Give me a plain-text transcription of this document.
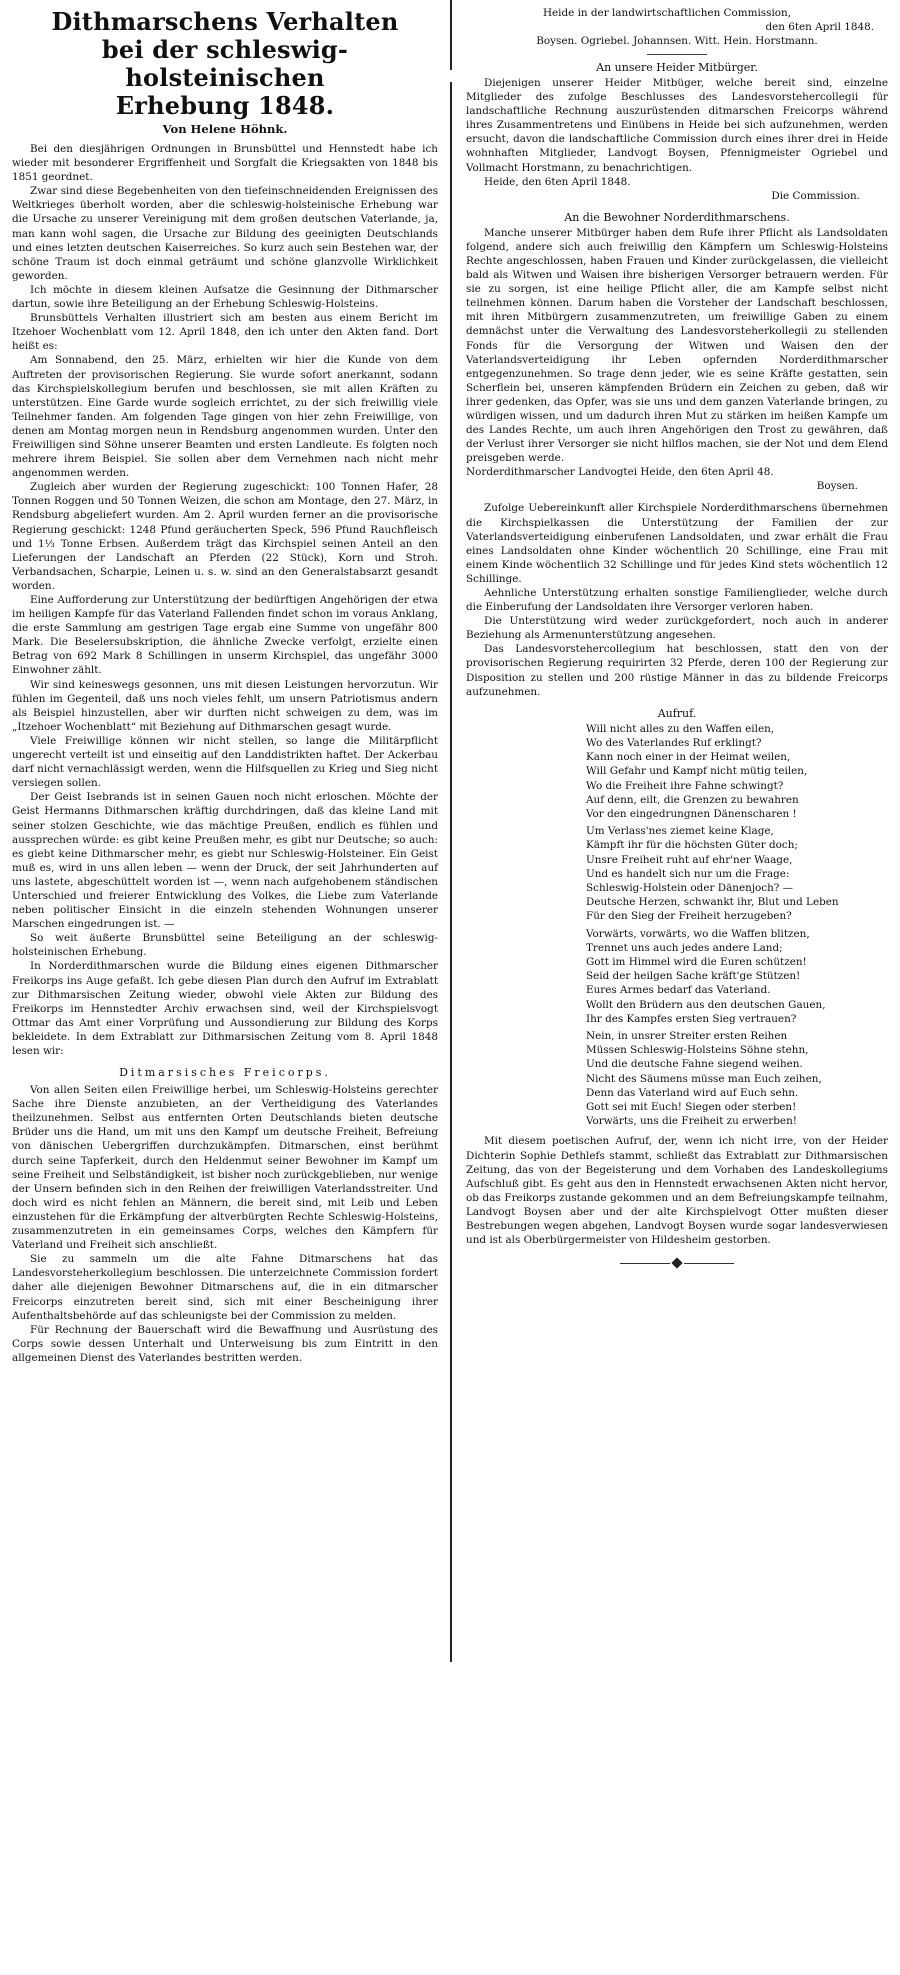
Dithmarschens Verhalten
bei der schleswig-holsteinischen
Erhebung 1848.
Von Helene Höhnk.

Bei den diesjährigen Ordnungen in Brunsbüttel und Hennstedt habe ich wieder mit besonderer Ergriffenheit und Sorgfalt die Kriegsakten von 1848 bis 1851 geordnet.

Zwar sind diese Begebenheiten von den tiefeinschneidenden Ereignissen des Weltkrieges überholt worden, aber die schleswig-holsteinische Erhebung war die Ursache zu unserer Vereinigung mit dem großen deutschen Vaterlande, ja, man kann wohl sagen, die Ursache zur Bildung des geeinigten Deutschlands und eines letzten deutschen Kaiserreiches. So kurz auch sein Bestehen war, der schöne Traum ist doch einmal geträumt und schöne glanzvolle Wirklichkeit geworden.

Ich möchte in diesem kleinen Aufsatze die Gesinnung der Dithmarscher dartun, sowie ihre Beteiligung an der Erhebung Schleswig-Holsteins.

Brunsbüttels Verhalten illustriert sich am besten aus einem Bericht im Itzehoer Wochenblatt vom 12. April 1848, den ich unter den Akten fand. Dort heißt es:

Am Sonnabend, den 25. März, erhielten wir hier die Kunde von dem Auftreten der provisorischen Regierung. Sie wurde sofort anerkannt, sodann das Kirchspielskollegium berufen und beschlossen, sie mit allen Kräften zu unterstützen. Eine Garde wurde sogleich errichtet, zu der sich freiwillig viele Teilnehmer fanden. Am folgenden Tage gingen von hier zehn Freiwillige, von denen am Montag morgen neun in Rendsburg angenommen wurden. Unter den Freiwilligen sind Söhne unserer Beamten und ersten Landleute. Es folgten noch mehrere ihrem Beispiel. Sie sollen aber dem Vernehmen nach nicht mehr angenommen werden.

Zugleich aber wurden der Regierung zugeschickt: 100 Tonnen Hafer, 28 Tonnen Roggen und 50 Tonnen Weizen, die schon am Montage, den 27. März, in Rendsburg abgeliefert wurden. Am 2. April wurden ferner an die provisorische Regierung geschickt: 1248 Pfund geräucherten Speck, 596 Pfund Rauchfleisch und 1⅓ Tonne Erbsen. Außerdem trägt das Kirchspiel seinen Anteil an den Lieferungen der Landschaft an Pferden (22 Stück), Korn und Stroh. Verbandsachen, Scharpie, Leinen u. s. w. sind an den Generalstabsarzt gesandt worden.

Eine Aufforderung zur Unterstützung der bedürftigen Angehörigen der etwa im heiligen Kampfe für das Vaterland Fallenden findet schon im voraus Anklang, die erste Sammlung am gestrigen Tage ergab eine Summe von ungefähr 800 Mark. Die Beselersubskription, die ähnliche Zwecke verfolgt, erzielte einen Betrag von 692 Mark 8 Schillingen in unserm Kirchspiel, das ungefähr 3000 Einwohner zählt.

Wir sind keineswegs gesonnen, uns mit diesen Leistungen hervorzutun. Wir fühlen im Gegenteil, daß uns noch vieles fehlt, um unsern Patriotismus andern als Beispiel hinzustellen, aber wir durften nicht schweigen zu dem, was im „Itzehoer Wochenblatt“ mit Beziehung auf Dithmarschen gesagt wurde.

Viele Freiwillige können wir nicht stellen, so lange die Militärpflicht ungerecht verteilt ist und einseitig auf den Landdistrikten haftet. Der Ackerbau darf nicht vernachlässigt werden, wenn die Hilfsquellen zu Krieg und Sieg nicht versiegen sollen.

Der Geist Isebrands ist in seinen Gauen noch nicht erloschen. Möchte der Geist Hermanns Dithmarschen kräftig durchdringen, daß das kleine Land mit seiner stolzen Geschichte, wie das mächtige Preußen, endlich es fühlen und aussprechen würde: es gibt keine Preußen mehr, es gibt nur Deutsche; so auch: es giebt keine Dithmarscher mehr, es giebt nur Schleswig-Holsteiner. Ein Geist muß es, wird in uns allen leben — wenn der Druck, der seit Jahrhunderten auf uns lastete, abgeschüttelt worden ist —, wenn nach aufgehobenem ständischen Unterschied und freierer Entwicklung des Volkes, die Liebe zum Vaterlande neben politischer Einsicht in die einzeln stehenden Wohnungen unserer Marschen eingedrungen ist. —

So weit äußerte Brunsbüttel seine Beteiligung an der schleswig-holsteinischen Erhebung.

In Norderdithmarschen wurde die Bildung eines eigenen Dithmarscher Freikorps ins Auge gefaßt. Ich gebe diesen Plan durch den Aufruf im Extrablatt zur Dithmarsischen Zeitung wieder, obwohl viele Akten zur Bildung des Freikorps im Hennstedter Archiv erwachsen sind, weil der Kirchspielsvogt Ottmar das Amt einer Vorprüfung und Aussondierung zur Bildung des Korps bekleidete. In dem Extrablatt zur Dithmarsischen Zeitung vom 8. April 1848 lesen wir:

Ditmarsisches Freicorps.

Von allen Seiten eilen Freiwillige herbei, um Schleswig-Holsteins gerechter Sache ihre Dienste anzubieten, an der Vertheidigung des Vaterlandes theilzunehmen. Selbst aus entfernten Orten Deutschlands bieten deutsche Brüder uns die Hand, um mit uns den Kampf um deutsche Freiheit, Befreiung von dänischen Uebergriffen durchzukämpfen. Ditmarschen, einst berühmt durch seine Tapferkeit, durch den Heldenmut seiner Bewohner im Kampf um seine Freiheit und Selbständigkeit, ist bisher noch zurückgeblieben, nur wenige der Unsern befinden sich in den Reihen der freiwilligen Vaterlandsstreiter. Und doch wird es nicht fehlen an Männern, die bereit sind, mit Leib und Leben einzustehen für die Erkämpfung der altverbürgten Rechte Schleswig-Holsteins, zusammenzutreten in ein gemeinsames Corps, welches den Kämpfern für Vaterland und Freiheit sich anschließt.

Sie zu sammeln um die alte Fahne Ditmarschens hat das Landesvorsteherkollegium beschlossen. Die unterzeichnete Commission fordert daher alle diejenigen Bewohner Ditmarschens auf, die in ein ditmarscher Freicorps einzutreten bereit sind, sich mit einer Bescheinigung ihrer Aufenthaltsbehörde auf das schleunigste bei der Commission zu melden.

Für Rechnung der Bauerschaft wird die Bewaffnung und Ausrüstung des Corps sowie dessen Unterhalt und Unterweisung bis zum Eintritt in den allgemeinen Dienst des Vaterlandes bestritten werden.

Heide in der landwirtschaftlichen Commission,
den 6ten April 1848.
Boysen. Ogriebel. Johannsen. Witt. Hein. Horstmann.
An unsere Heider Mitbürger.

Diejenigen unserer Heider Mitbüger, welche bereit sind, einzelne Mitglieder des zufolge Beschlusses des Landesvorstehercollegii für landschaftliche Rechnung auszurüstenden ditmarschen Freicorps während ihres Zusammentretens und Einübens in Heide bei sich aufzunehmen, werden ersucht, davon die landschaftliche Commission durch eines ihrer drei in Heide wohnhaften Mitglieder, Landvogt Boysen, Pfennigmeister Ogriebel und Vollmacht Horstmann, zu benachrichtigen.

Heide, den 6ten April 1848.

Die Commission.
An die Bewohner Norderdithmarschens.

Manche unserer Mitbürger haben dem Rufe ihrer Pflicht als Landsoldaten folgend, andere sich auch freiwillig den Kämpfern um Schleswig-Holsteins Rechte angeschlossen, haben Frauen und Kinder zurückgelassen, die vielleicht bald als Witwen und Waisen ihre bisherigen Versorger betrauern werden. Für sie zu sorgen, ist eine heilige Pflicht aller, die am Kampfe selbst nicht teilnehmen können. Darum haben die Vorsteher der Landschaft beschlossen, mit ihren Mitbürgern zusammenzutreten, um freiwillige Gaben zu einem demnächst unter die Verwaltung des Landesvorsteherkollegii zu stellenden Fonds für die Versorgung der Witwen und Waisen den der Vaterlandsverteidigung ihr Leben opfernden Norderdithmarscher entgegenzunehmen. So trage denn jeder, wie es seine Kräfte gestatten, sein Scherflein bei, unseren kämpfenden Brüdern ein Zeichen zu geben, daß wir ihrer gedenken, das Opfer, was sie uns und dem ganzen Vaterlande bringen, zu würdigen wissen, und um dadurch ihren Mut zu stärken im heißen Kampfe um des Landes Rechte, um auch ihren Angehörigen den Trost zu gewähren, daß der Verlust ihrer Versorger sie nicht hilflos machen, sie der Not und dem Elend preisgeben werde.

Norderdithmarscher Landvogtei Heide, den 6ten April 48.

Boysen.

Zufolge Uebereinkunft aller Kirchspiele Norderdithmarschens übernehmen die Kirchspielkassen die Unterstützung der Familien der zur Vaterlandsverteidigung einberufenen Landsoldaten, und zwar erhält die Frau eines Landsoldaten ohne Kinder wöchentlich 20 Schillinge, eine Frau mit einem Kinde wöchentlich 32 Schillinge und für jedes Kind stets wöchentlich 12 Schillinge.

Aehnliche Unterstützung erhalten sonstige Familienglieder, welche durch die Einberufung der Landsoldaten ihre Versorger verloren haben.

Die Unterstützung wird weder zurückgefordert, noch auch in anderer Beziehung als Armenunterstützung angesehen.

Das Landesvorstehercollegium hat beschlossen, statt den von der provisorischen Regierung requirirten 32 Pferde, deren 100 der Regierung zur Disposition zu stellen und 200 rüstige Männer in das zu bildende Freicorps aufzunehmen.

Aufruf.
Will nicht alles zu den Waffen eilen,
Wo des Vaterlandes Ruf erklingt?
Kann noch einer in der Heimat weilen,
Will Gefahr und Kampf nicht mütig teilen,
Wo die Freiheit ihre Fahne schwingt?
Auf denn, eilt, die Grenzen zu bewahren
Vor den eingedrungnen Dänenscharen !
Um Verlass'nes ziemet keine Klage,
Kämpft ihr für die höchsten Güter doch;
Unsre Freiheit ruht auf ehr'ner Waage,
Und es handelt sich nur um die Frage:
Schleswig-Holstein oder Dänenjoch? —
Deutsche Herzen, schwankt ihr, Blut und Leben
Für den Sieg der Freiheit herzugeben?
Vorwärts, vorwärts, wo die Waffen blitzen,
Trennet uns auch jedes andere Land;
Gott im Himmel wird die Euren schützen!
Seid der heilgen Sache kräft'ge Stützen!
Eures Armes bedarf das Vaterland.
Wollt den Brüdern aus den deutschen Gauen,
Ihr des Kampfes ersten Sieg vertrauen?
Nein, in unsrer Streiter ersten Reihen
Müssen Schleswig-Holsteins Söhne stehn,
Und die deutsche Fahne siegend weihen.
Nicht des Säumens müsse man Euch zeihen,
Denn das Vaterland wird auf Euch sehn.
Gott sei mit Euch! Siegen oder sterben!
Vorwärts, uns die Freiheit zu erwerben!

Mit diesem poetischen Aufruf, der, wenn ich nicht irre, von der Heider Dichterin Sophie Dethlefs stammt, schließt das Extrablatt zur Dithmarsischen Zeitung, das von der Begeisterung und dem Vorhaben des Landeskollegiums Aufschluß gibt. Es geht aus den in Hennstedt erwachsenen Akten nicht hervor, ob das Freikorps zustande gekommen und an dem Befreiungskampfe teilnahm, Landvogt Boysen aber und der alte Kirchspielvogt Otter mußten dieser Bestrebungen wegen abgehen, Landvogt Boysen wurde sogar landesverwiesen und ist als Oberbürgermeister von Hildesheim gestorben.
